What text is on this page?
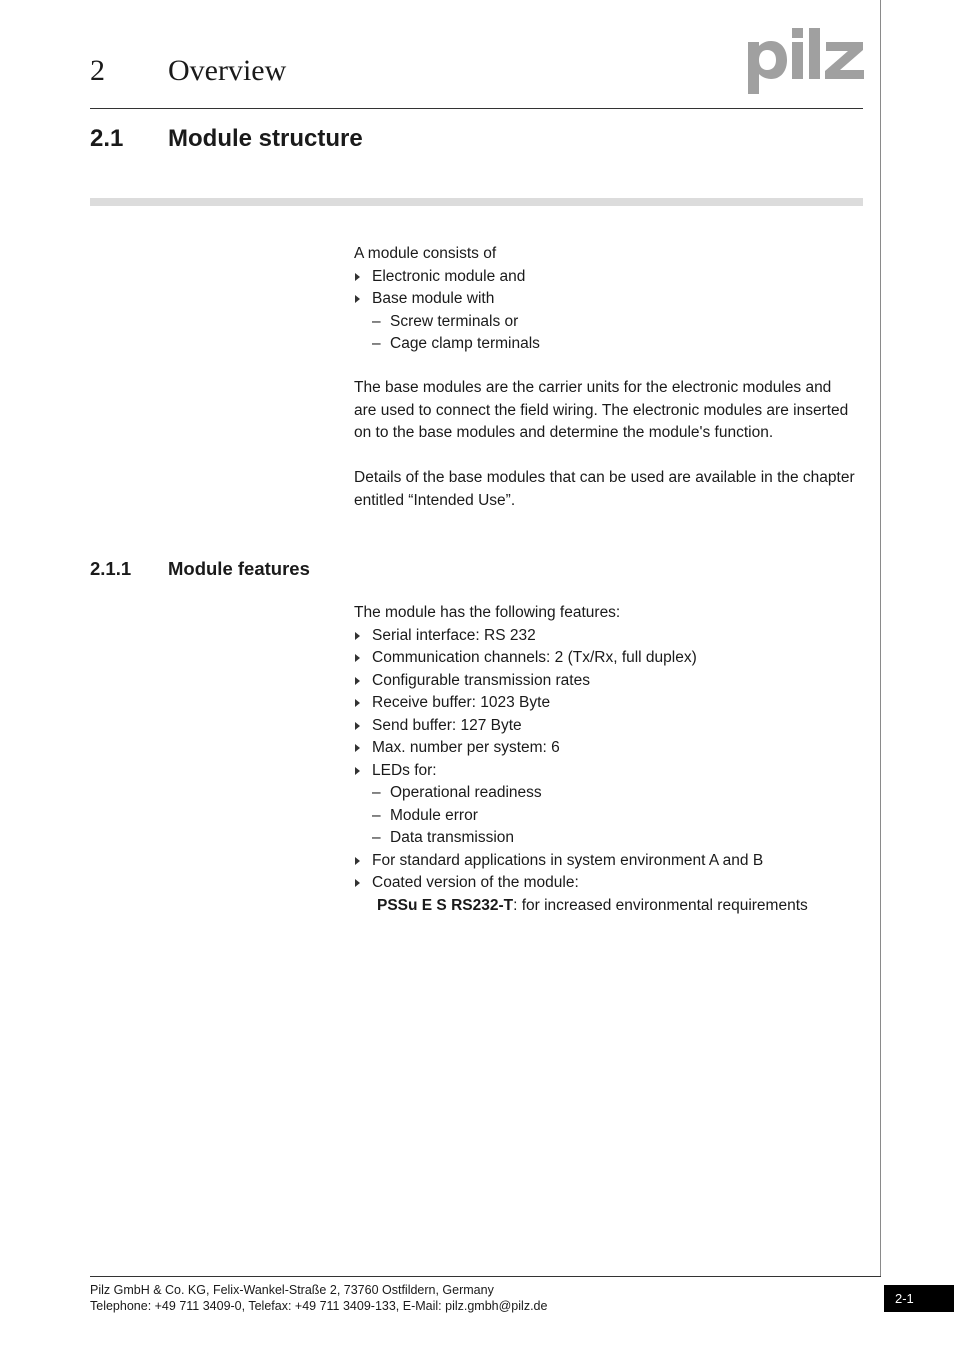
2 Overview
2.1 Module structure
A module consists of
Electronic module and
Base module with
– Screw terminals or
– Cage clamp terminals
The base modules are the carrier units for the electronic modules and
are used to connect the field wiring. The electronic modules are inserted
on to the base modules and determine the module's function.
Details of the base modules that can be used are available in the chapter
entitled “Intended Use”.
2.1.1 Module features
The module has the following features:
Serial interface: RS 232
Communication channels: 2 (Tx/Rx, full duplex)
Configurable transmission rates
Receive buffer: 1023 Byte
Send buffer: 127 Byte
Max. number per system: 6
LEDs for:
– Operational readiness
– Module error
– Data transmission
For standard applications in system environment A and B
Coated version of the module:
PSSu E S RS232-T: for increased environmental requirements
Pilz GmbH & Co. KG, Felix-Wankel-Straße 2, 73760 Ostfildern, Germany
Telephone: +49 711 3409-0, Telefax: +49 711 3409-133, E-Mail: pilz.gmbh@pilz.de	2-1
